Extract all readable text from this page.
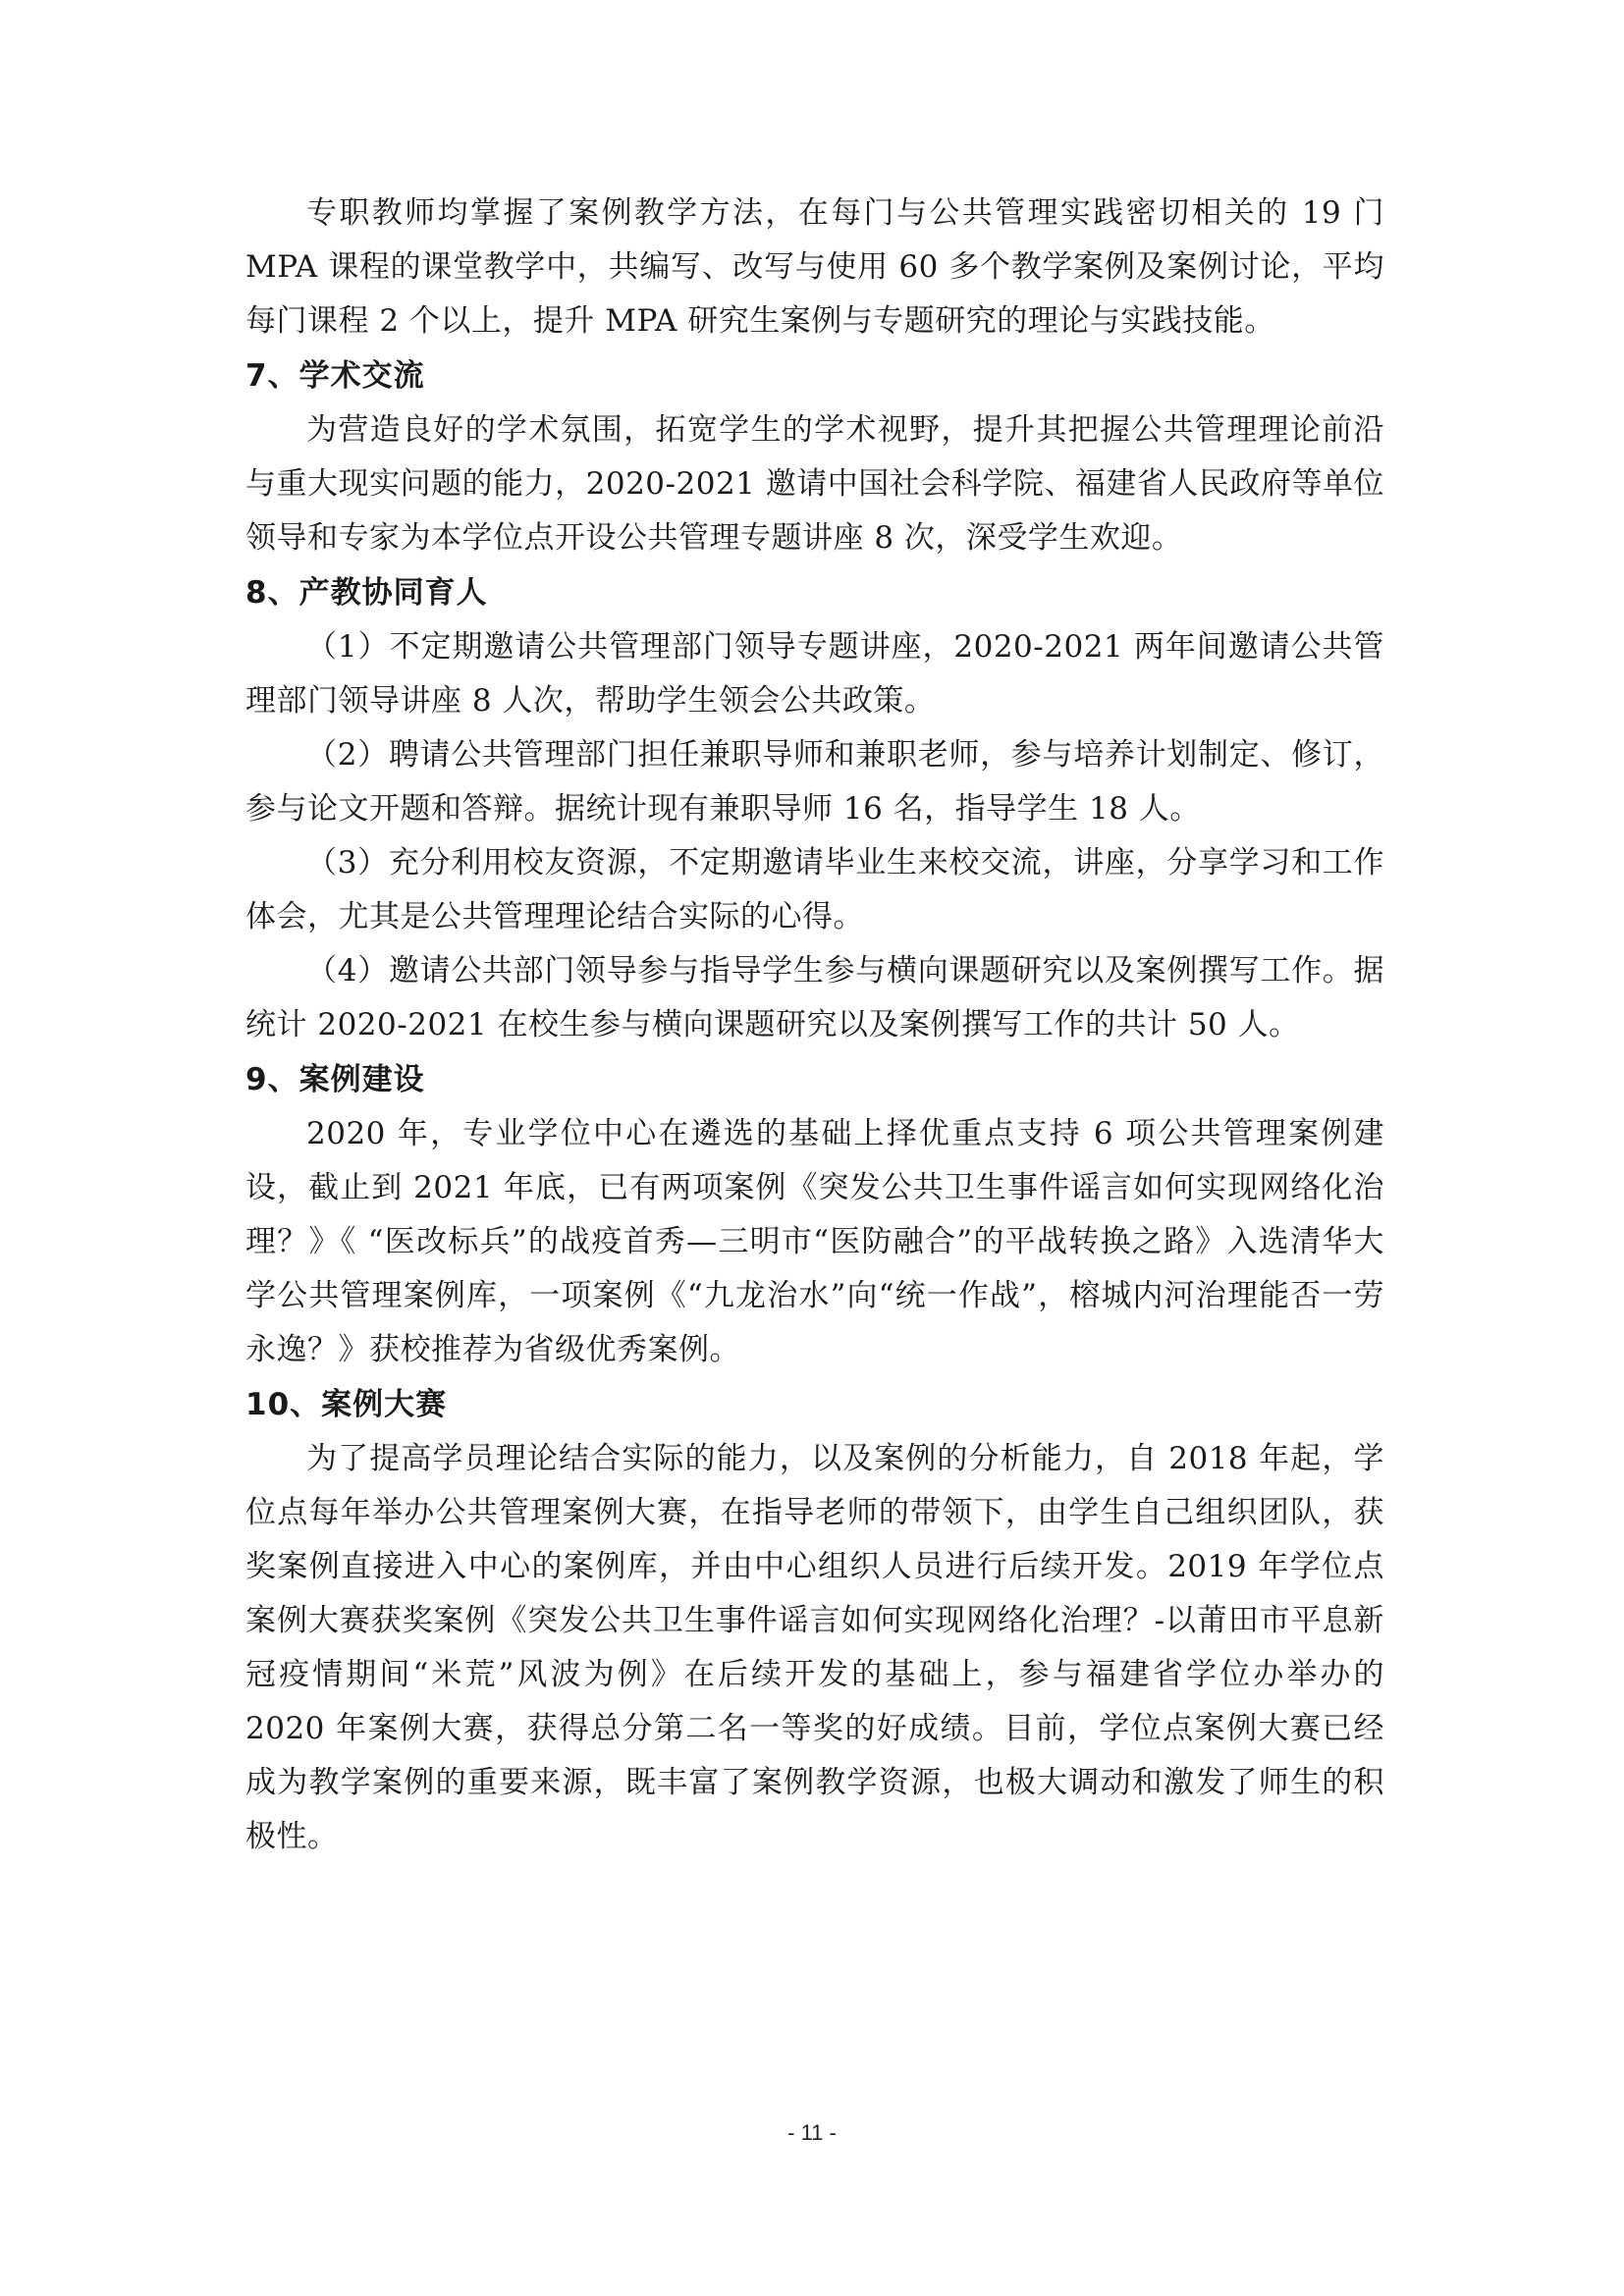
专职教师均掌握了案例教学方法，在每门与公共管理实践密切相关的 19 门 MPA 课程的课堂教学中，共编写、改写与使用 60 多个教学案例及案例讨论，平均每门课程 2 个以上，提升 MPA 研究生案例与专题研究的理论与实践技能。

7、学术交流

为营造良好的学术氛围，拓宽学生的学术视野，提升其把握公共管理理论前沿与重大现实问题的能力，2020-2021 邀请中国社会科学院、福建省人民政府等单位领导和专家为本学位点开设公共管理专题讲座 8 次，深受学生欢迎。

8、产教协同育人

（1）不定期邀请公共管理部门领导专题讲座，2020-2021 两年间邀请公共管理部门领导讲座 8 人次，帮助学生领会公共政策。

（2）聘请公共管理部门担任兼职导师和兼职老师，参与培养计划制定、修订，参与论文开题和答辩。据统计现有兼职导师 16 名，指导学生 18 人。

（3）充分利用校友资源，不定期邀请毕业生来校交流，讲座，分享学习和工作体会，尤其是公共管理理论结合实际的心得。

（4）邀请公共部门领导参与指导学生参与横向课题研究以及案例撰写工作。据统计 2020-2021 在校生参与横向课题研究以及案例撰写工作的共计 50 人。

9、案例建设

2020 年，专业学位中心在遴选的基础上择优重点支持 6 项公共管理案例建设，截止到 2021 年底，已有两项案例《突发公共卫生事件谣言如何实现网络化治理？》《 “医改标兵”的战疫首秀—三明市“医防融合”的平战转换之路》入选清华大学公共管理案例库，一项案例《“九龙治水”向“统一作战”，榕城内河治理能否一劳永逸？》获校推荐为省级优秀案例。

10、案例大赛

为了提高学员理论结合实际的能力，以及案例的分析能力，自 2018 年起，学位点每年举办公共管理案例大赛，在指导老师的带领下，由学生自己组织团队，获奖案例直接进入中心的案例库，并由中心组织人员进行后续开发。2019 年学位点案例大赛获奖案例《突发公共卫生事件谣言如何实现网络化治理？-以莆田市平息新冠疫情期间“米荒”风波为例》在后续开发的基础上，参与福建省学位办举办的 2020 年案例大赛，获得总分第二名一等奖的好成绩。目前，学位点案例大赛已经成为教学案例的重要来源，既丰富了案例教学资源，也极大调动和激发了师生的积极性。

- 11 -
